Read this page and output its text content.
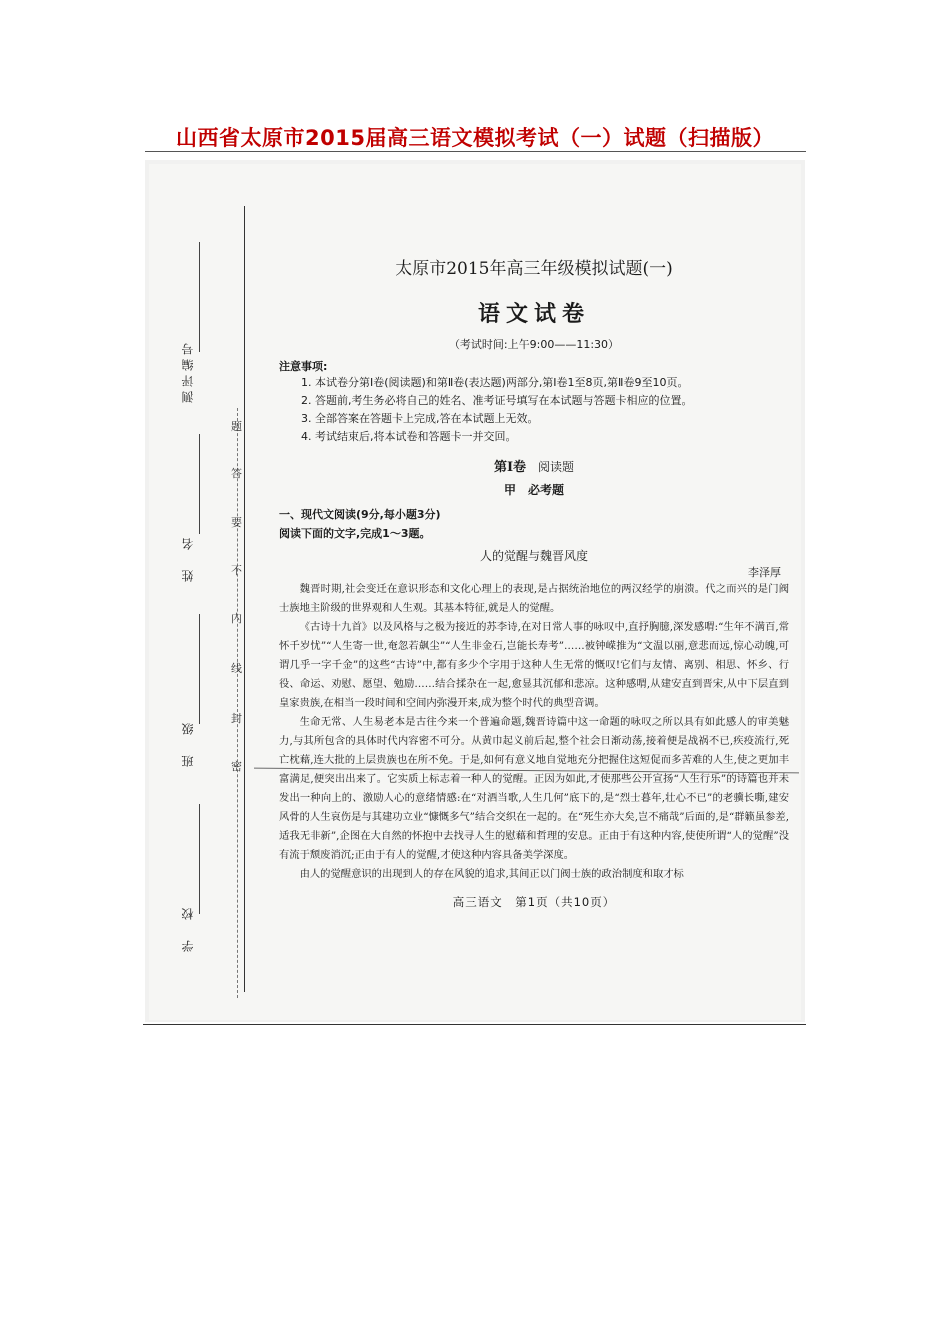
山西省太原市2015届高三语文模拟考试（一）试题（扫描版）
测评编号
姓　名
班　级
学　校
题
答
要
不
内
线
封
密
太原市2015年高三年级模拟试题(一)
语文试卷
（考试时间:上午9:00——11:30）
注意事项:
1. 本试卷分第Ⅰ卷(阅读题)和第Ⅱ卷(表达题)两部分,第Ⅰ卷1至8页,第Ⅱ卷9至10页。
2. 答题前,考生务必将自己的姓名、准考证号填写在本试题与答题卡相应的位置。
3. 全部答案在答题卡上完成,答在本试题上无效。
4. 考试结束后,将本试卷和答题卡一并交回。
第Ⅰ卷 阅读题
甲　必考题
一、现代文阅读(9分,每小题3分)
阅读下面的文字,完成1～3题。
人的觉醒与魏晋风度
李泽厚

魏晋时期,社会变迁在意识形态和文化心理上的表现,是占据统治地位的两汉经学的崩溃。代之而兴的是门阀士族地主阶级的世界观和人生观。其基本特征,就是人的觉醒。

《古诗十九首》以及风格与之极为接近的苏李诗,在对日常人事的咏叹中,直抒胸臆,深发感喟:“生年不满百,常怀千岁忧”“人生寄一世,奄忽若飙尘”“人生非金石,岂能长寿考”……被钟嵘推为“文温以丽,意悲而远,惊心动魄,可谓几乎一字千金”的这些“古诗”中,都有多少个字用于这种人生无常的慨叹!它们与友情、离别、相思、怀乡、行役、命运、劝慰、愿望、勉励……结合揉杂在一起,愈显其沉郁和悲凉。这种感喟,从建安直到晋宋,从中下层直到皇家贵族,在相当一段时间和空间内弥漫开来,成为整个时代的典型音调。

生命无常、人生易老本是古往今来一个普遍命题,魏晋诗篇中这一命题的咏叹之所以具有如此感人的审美魅力,与其所包含的具体时代内容密不可分。从黄巾起义前后起,整个社会日渐动荡,接着便是战祸不已,疾疫流行,死亡枕藉,连大批的上层贵族也在所不免。于是,如何有意义地自觉地充分把握住这短促而多苦难的人生,使之更加丰富满足,便突出出来了。它实质上标志着一种人的觉醒。正因为如此,才使那些公开宣扬“人生行乐”的诗篇也并未发出一种向上的、激励人心的意绪情感:在“对酒当歌,人生几何”底下的,是“烈士暮年,壮心不已”的老骥长嘶,建安风骨的人生哀伤是与其建功立业“慷慨多气”结合交织在一起的。在“死生亦大矣,岂不痛哉”后面的,是“群籁虽参差,适我无非新”,企图在大自然的怀抱中去找寻人生的慰藉和哲理的安息。正由于有这种内容,使使所谓“人的觉醒”没有流于颓废消沉;正由于有人的觉醒,才使这种内容具备美学深度。

由人的觉醒意识的出现到人的存在风貌的追求,其间正以门阀士族的政治制度和取才标

高三语文　第1页（共10页）
